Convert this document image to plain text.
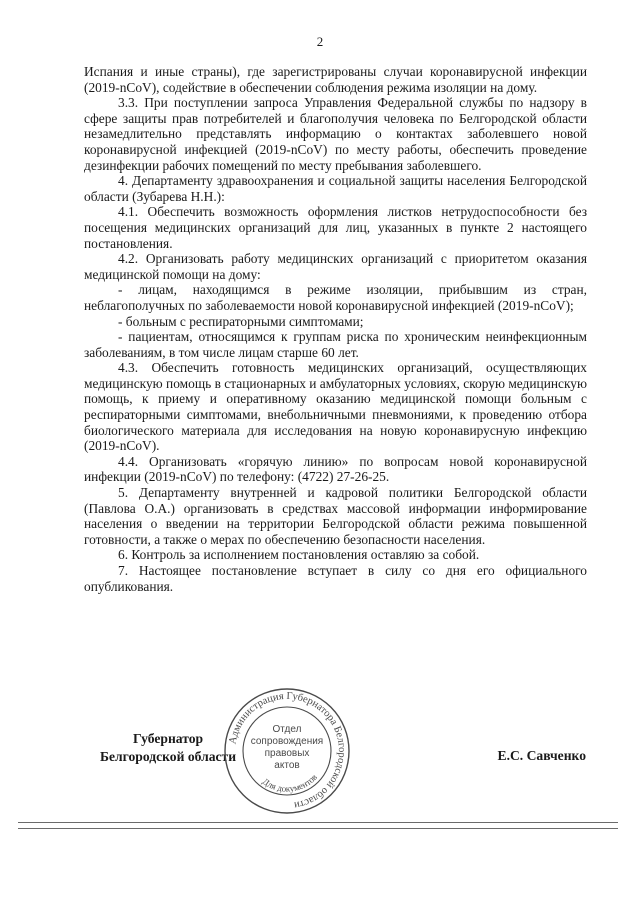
2

Испания и иные страны), где зарегистрированы случаи коронавирусной инфекции (2019-nCoV), содействие в обеспечении соблюдения режима изоляции на дому.

3.3. При поступлении запроса Управления Федеральной службы по надзору в сфере защиты прав потребителей и благополучия человека по Белгородской области незамедлительно представлять информацию о контактах заболевшего новой коронавирусной инфекцией (2019-nCoV) по месту работы, обеспечить проведение дезинфекции рабочих помещений по месту пребывания заболевшего.

4. Департаменту здравоохранения и социальной защиты населения Белгородской области (Зубарева Н.Н.):

4.1. Обеспечить возможность оформления листков нетрудоспособности без посещения медицинских организаций для лиц, указанных в пункте 2 настоящего постановления.

4.2. Организовать работу медицинских организаций с приоритетом оказания медицинской помощи на дому:

- лицам, находящимся в режиме изоляции, прибывшим из стран, неблагополучных по заболеваемости новой коронавирусной инфекцией (2019-nCoV);

- больным с респираторными симптомами;

- пациентам, относящимся к группам риска по хроническим неинфекционным заболеваниям, в том числе лицам старше 60 лет.

4.3. Обеспечить готовность медицинских организаций, осуществляющих медицинскую помощь в стационарных и амбулаторных условиях, скорую медицинскую помощь, к приему и оперативному оказанию медицинской помощи больным с респираторными симптомами, внебольничными пневмониями, к проведению отбора биологического материала для исследования на новую коронавирусную инфекцию (2019-nCoV).

4.4. Организовать «горячую линию» по вопросам новой коронавирусной инфекции (2019-nCoV) по телефону: (4722) 27-26-25.

5. Департаменту внутренней и кадровой политики Белгородской области (Павлова О.А.) организовать в средствах массовой информации информирование населения о введении на территории Белгородской области режима повышенной готовности, а также о мерах по обеспечению безопасности населения.

6. Контроль за исполнением постановления оставляю за собой.

7. Настоящее постановление вступает в силу со дня его официального опубликования.

Губернатор
Белгородской области	Е.С. Савченко
Администрация Губернатора Белгородской области
Отдел
сопровождения
правовых
актов
Для документов
